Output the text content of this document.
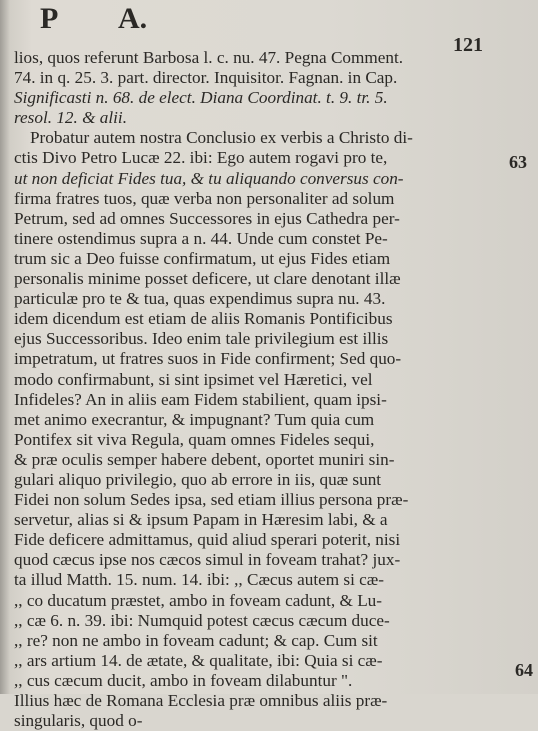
P A.
121
lios, quos referunt Barbosa l. c. nu. 47. Pegna Comment.
74. in q. 25. 3. part. director. Inquisitor. Fagnan. in Cap.
Significasti n. 68. de elect. Diana Coordinat. t. 9. tr. 5.
resol. 12. & alii.
Probatur autem nostra Conclusio ex verbis a Christo di-
ctis Divo Petro Lucæ 22. ibi: Ego autem rogavi pro te,
ut non deficiat Fides tua, & tu aliquando conversus con-
firma fratres tuos, quæ verba non personaliter ad solum
Petrum, sed ad omnes Successores in ejus Cathedra per-
tinere ostendimus supra a n. 44. Unde cum constet Pe-
trum sic a Deo fuisse confirmatum, ut ejus Fides etiam
personalis minime posset deficere, ut clare denotant illæ
particulæ pro te & tua, quas expendimus supra nu. 43.
idem dicendum est etiam de aliis Romanis Pontificibus
ejus Successoribus. Ideo enim tale privilegium est illis
impetratum, ut fratres suos in Fide confirment; Sed quo-
modo confirmabunt, si sint ipsimet vel Hæretici, vel
Infideles? An in aliis eam Fidem stabilient, quam ipsi-
met animo execrantur, & impugnant? Tum quia cum
Pontifex sit viva Regula, quam omnes Fideles sequi,
& præ oculis semper habere debent, oportet muniri sin-
gulari aliquo privilegio, quo ab errore in iis, quæ sunt
Fidei non solum Sedes ipsa, sed etiam illius persona præ-
servetur, alias si & ipsum Papam in Hæresim labi, & a
Fide deficere admittamus, quid aliud sperari poterit, nisi
quod cæcus ipse nos cæcos simul in foveam trahat? jux-
ta illud Matth. 15. num. 14. ibi: ,, Cæcus autem si cæ-
,, co ducatum præstet, ambo in foveam cadunt, & Lu-
,, cæ 6. n. 39. ibi: Numquid potest cæcus cæcum duce-
,, re? non ne ambo in foveam cadunt; & cap. Cum sit
,, ars artium 14. de ætate, & qualitate, ibi: Quia si cæ-
,, cus cæcum ducit, ambo in foveam dilabuntur ".
Illius hæc de Romana Ecclesia præ omnibus aliis præ-
singularis, quod o-
63
64
